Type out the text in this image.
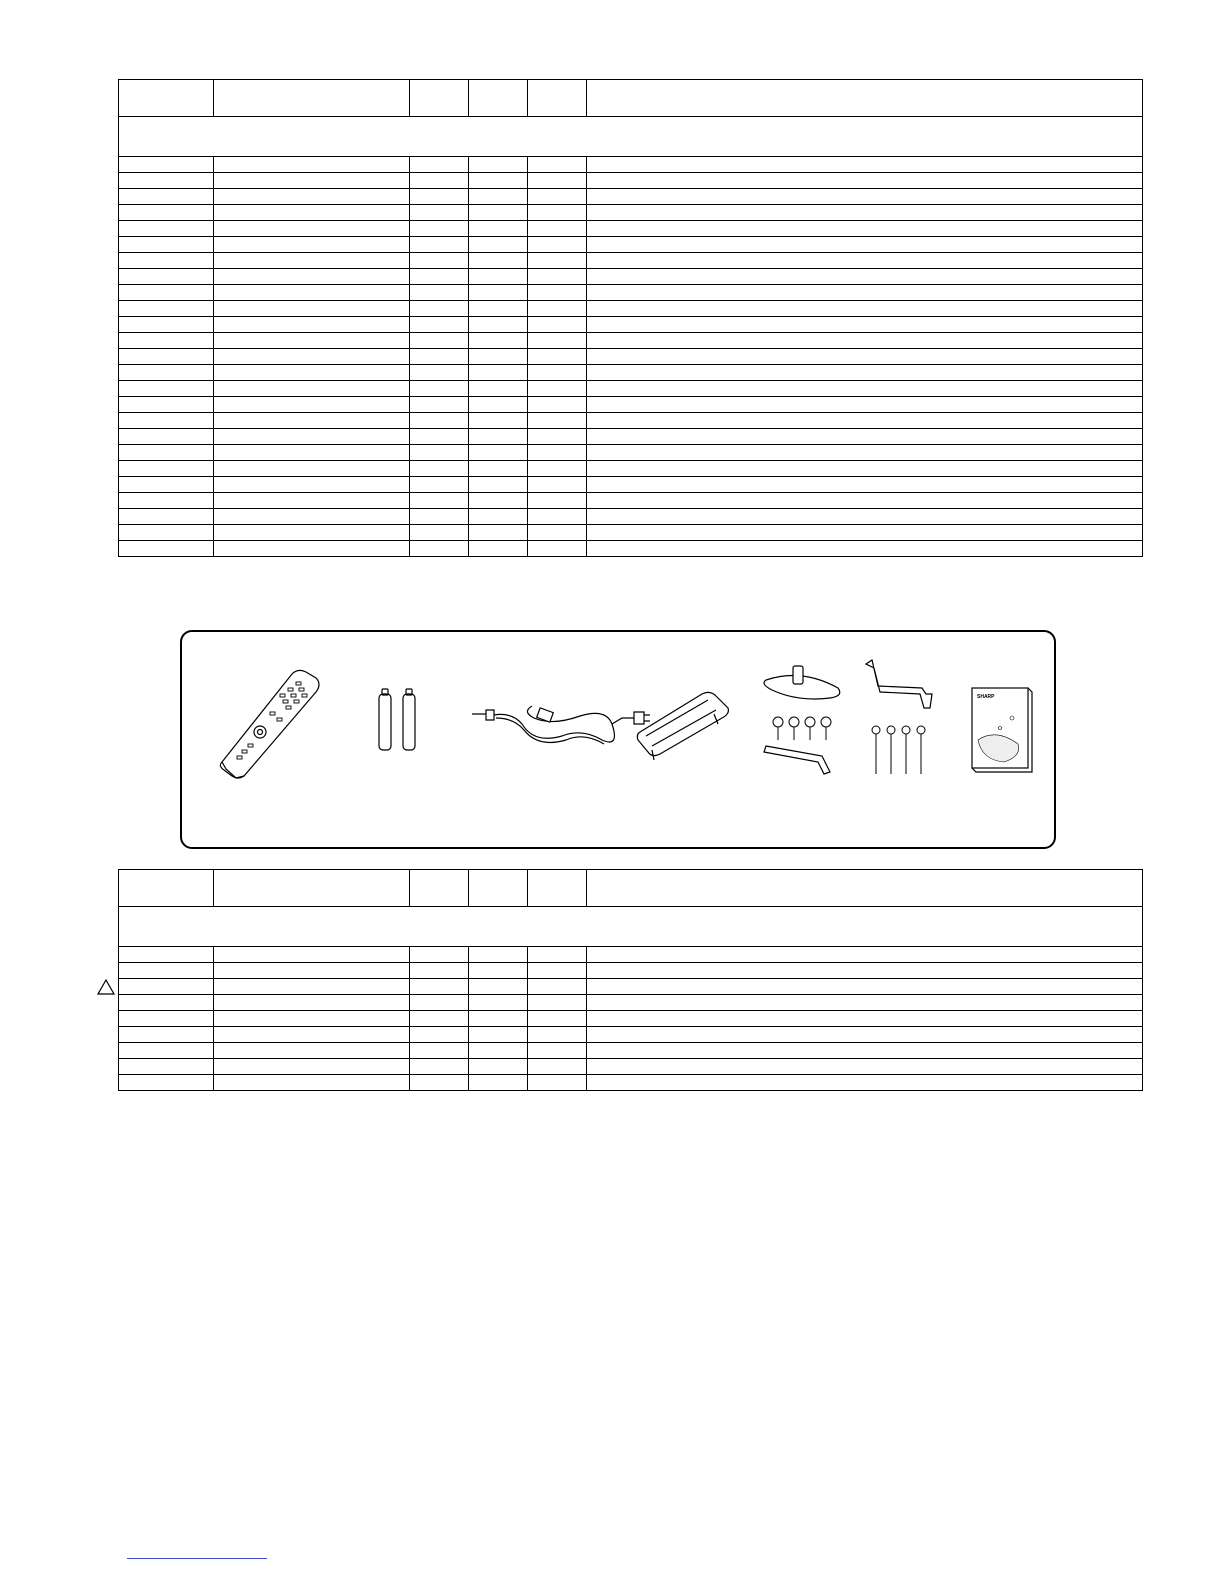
SHARP
